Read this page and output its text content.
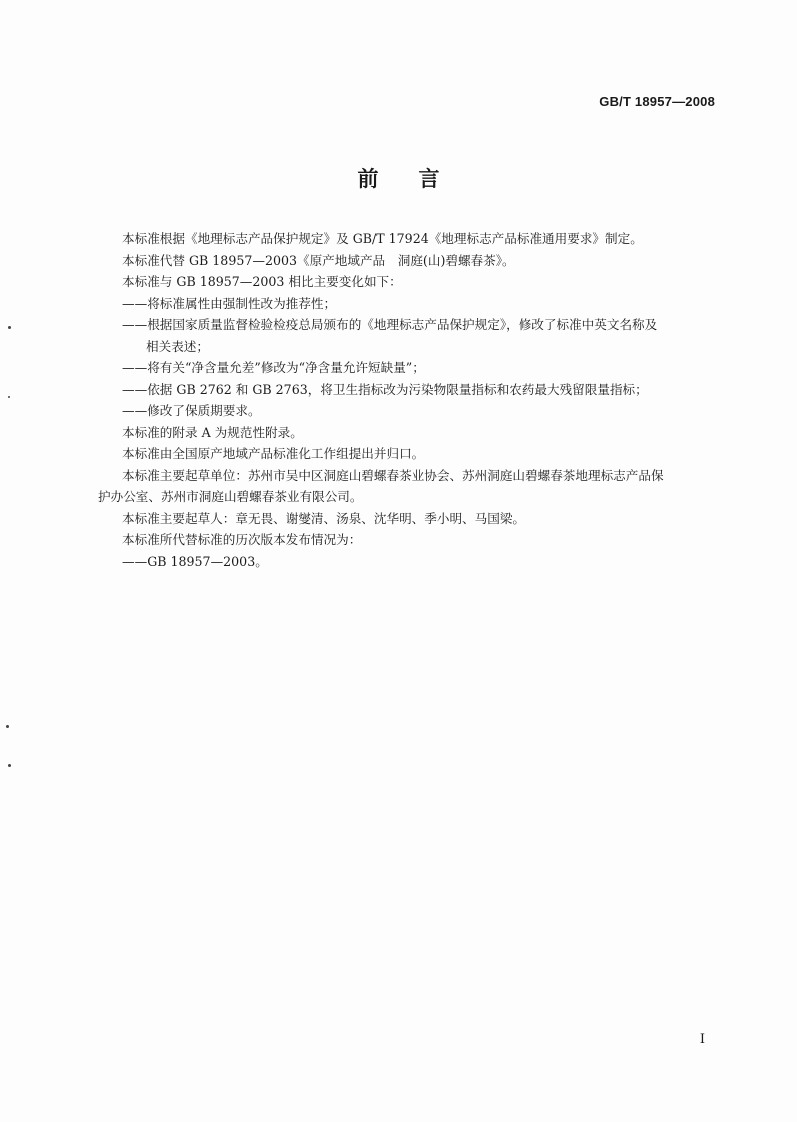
GB/T 18957—2008
前 言

本标准根据《地理标志产品保护规定》及 GB/T 17924《地理标志产品标准通用要求》制定。

本标准代替 GB 18957—2003《原产地域产品　洞庭(山)碧螺春茶》。

本标准与 GB 18957—2003 相比主要变化如下：

——将标准属性由强制性改为推荐性；

——根据国家质量监督检验检疫总局颁布的《地理标志产品保护规定》，修改了标准中英文名称及

相关表述；

——将有关“净含量允差”修改为“净含量允许短缺量”；

——依据 GB 2762 和 GB 2763，将卫生指标改为污染物限量指标和农药最大残留限量指标；

——修改了保质期要求。

本标准的附录 A 为规范性附录。

本标准由全国原产地域产品标准化工作组提出并归口。

本标准主要起草单位：苏州市吴中区洞庭山碧螺春茶业协会、苏州洞庭山碧螺春茶地理标志产品保

护办公室、苏州市洞庭山碧螺春茶业有限公司。

本标准主要起草人：章无畏、谢燮清、汤泉、沈华明、季小明、马国梁。

本标准所代替标准的历次版本发布情况为：

——GB 18957—2003。

I
